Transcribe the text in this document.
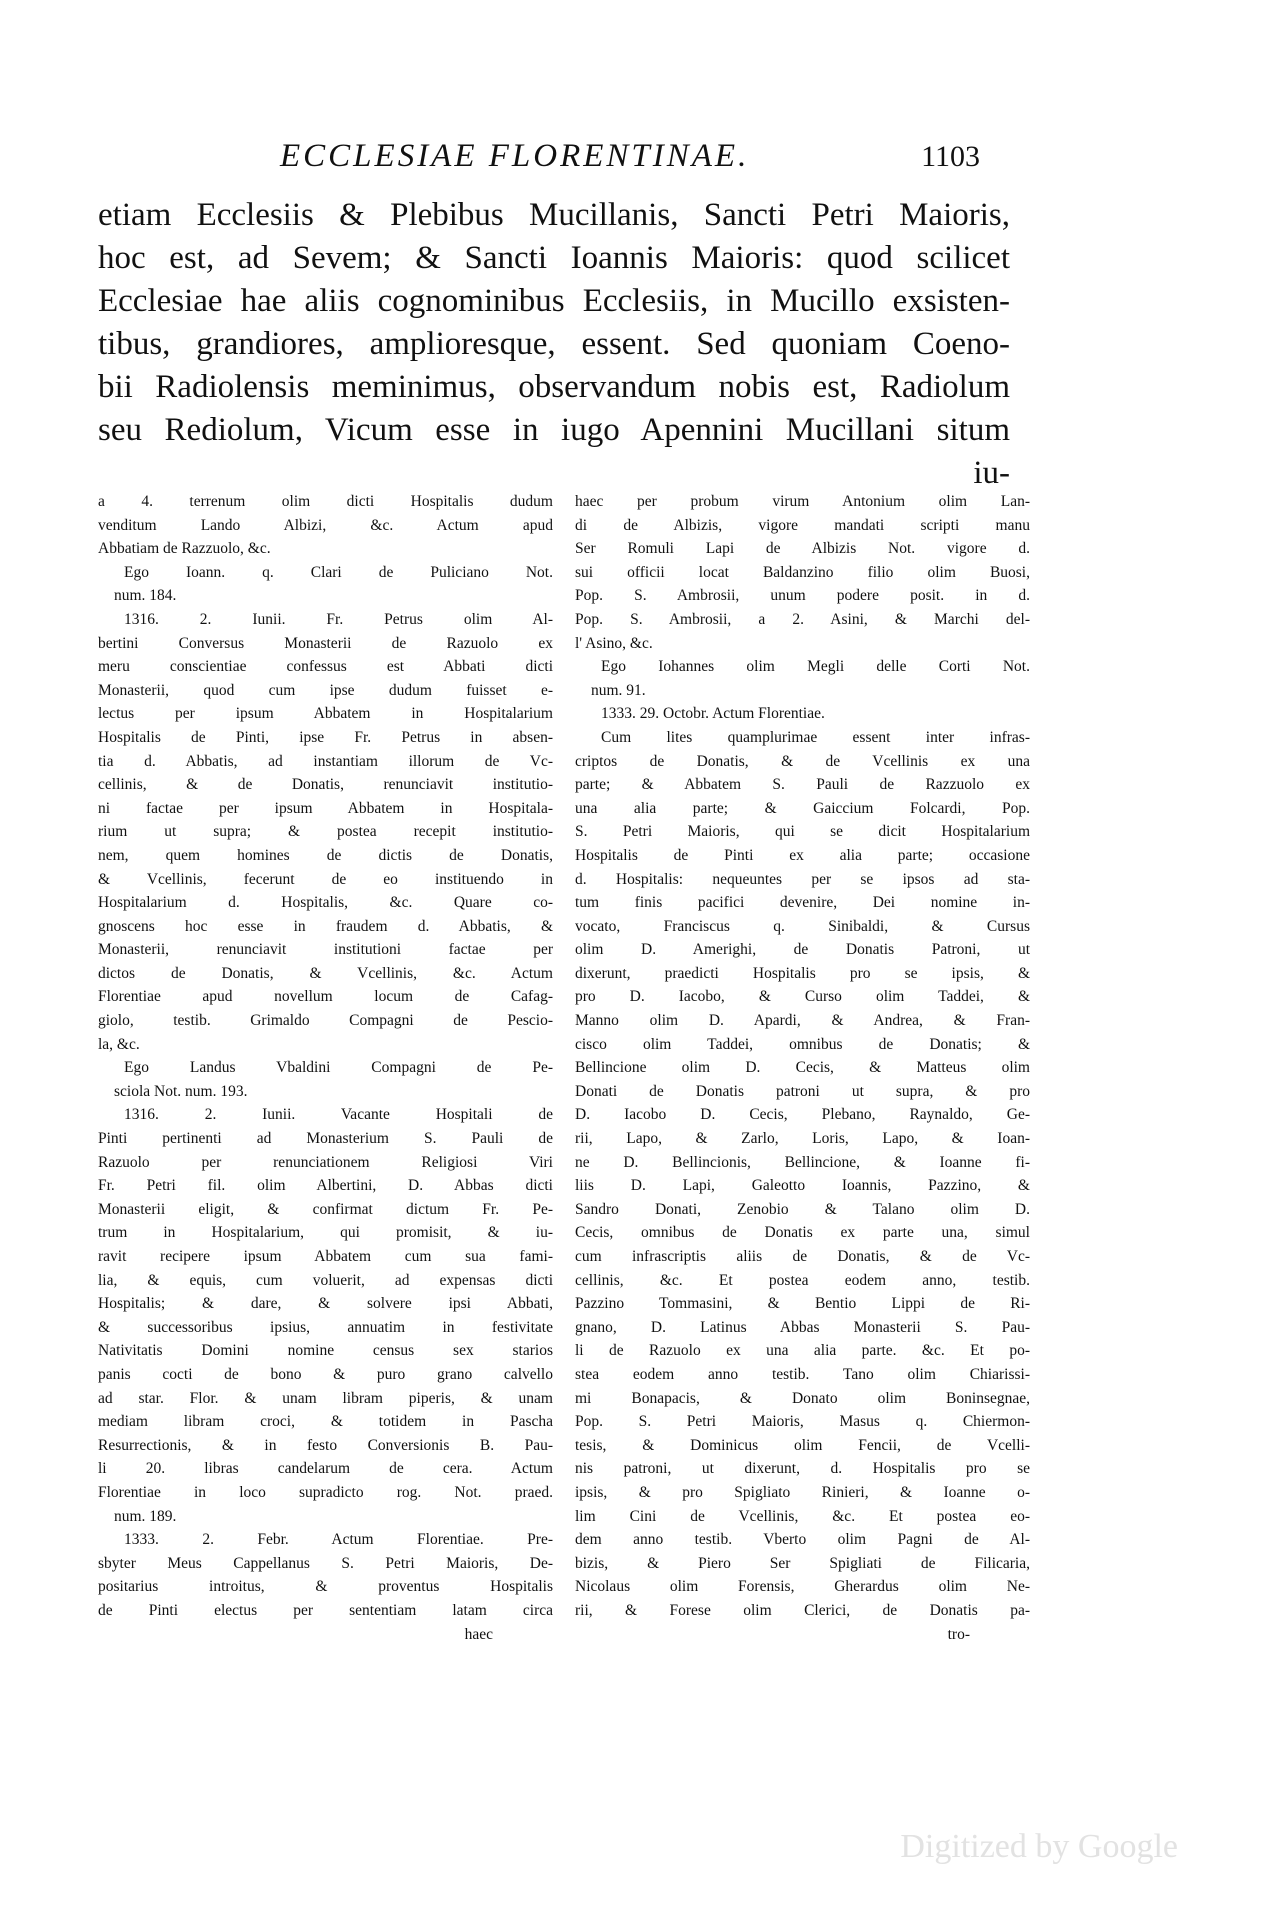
ECCLESIAE FLORENTINAE.	1103
etiam Ecclesiis & Plebibus Mucillanis, Sancti Petri Maioris,
hoc est, ad Sevem; & Sancti Ioannis Maioris: quod scilicet
Ecclesiae hae aliis cognominibus Ecclesiis, in Mucillo exsisten-
tibus, grandiores, amplioresque, essent. Sed quoniam Coeno-
bii Radiolensis meminimus, observandum nobis est, Radiolum
seu Rediolum, Vicum esse in iugo Apennini Mucillani situm
iu-
a 4. terrenum olim dicti Hospitalis dudum
venditum Lando Albizi, &c. Actum apud
Abbatiam de Razzuolo, &c.
Ego Ioann. q. Clari de Puliciano Not.
num. 184.
1316. 2. Iunii. Fr. Petrus olim Al-
bertini Conversus Monasterii de Razuolo ex
meru conscientiae confessus est Abbati dicti
Monasterii, quod cum ipse dudum fuisset e-
lectus per ipsum Abbatem in Hospitalarium
Hospitalis de Pinti, ipse Fr. Petrus in absen-
tia d. Abbatis, ad instantiam illorum de Vc-
cellinis, & de Donatis, renunciavit institutio-
ni factae per ipsum Abbatem in Hospitala-
rium ut supra; & postea recepit institutio-
nem, quem homines de dictis de Donatis,
& Vcellinis, fecerunt de eo instituendo in
Hospitalarium d. Hospitalis, &c. Quare co-
gnoscens hoc esse in fraudem d. Abbatis, &
Monasterii, renunciavit institutioni factae per
dictos de Donatis, & Vcellinis, &c. Actum
Florentiae apud novellum locum de Cafag-
giolo, testib. Grimaldo Compagni de Pescio-
la, &c.
Ego Landus Vbaldini Compagni de Pe-
sciola Not. num. 193.
1316. 2. Iunii. Vacante Hospitali de
Pinti pertinenti ad Monasterium S. Pauli de
Razuolo per renunciationem Religiosi Viri
Fr. Petri fil. olim Albertini, D. Abbas dicti
Monasterii eligit, & confirmat dictum Fr. Pe-
trum in Hospitalarium, qui promisit, & iu-
ravit recipere ipsum Abbatem cum sua fami-
lia, & equis, cum voluerit, ad expensas dicti
Hospitalis; & dare, & solvere ipsi Abbati,
& successoribus ipsius, annuatim in festivitate
Nativitatis Domini nomine census sex starios
panis cocti de bono & puro grano calvello
ad star. Flor. & unam libram piperis, & unam
mediam libram croci, & totidem in Pascha
Resurrectionis, & in festo Conversionis B. Pau-
li 20. libras candelarum de cera. Actum
Florentiae in loco supradicto rog. Not. praed.
num. 189.
1333. 2. Febr. Actum Florentiae. Pre-
sbyter Meus Cappellanus S. Petri Maioris, De-
positarius introitus, & proventus Hospitalis
de Pinti electus per sententiam latam circa
haec
haec per probum virum Antonium olim Lan-
di de Albizis, vigore mandati scripti manu
Ser Romuli Lapi de Albizis Not. vigore d.
sui officii locat Baldanzino filio olim Buosi,
Pop. S. Ambrosii, unum podere posit. in d.
Pop. S. Ambrosii, a 2. Asini, & Marchi del-
l' Asino, &c.
Ego Iohannes olim Megli delle Corti Not.
num. 91.
1333. 29. Octobr. Actum Florentiae.
Cum lites quamplurimae essent inter infras-
criptos de Donatis, & de Vcellinis ex una
parte; & Abbatem S. Pauli de Razzuolo ex
una alia parte; & Gaiccium Folcardi, Pop.
S. Petri Maioris, qui se dicit Hospitalarium
Hospitalis de Pinti ex alia parte; occasione
d. Hospitalis: nequeuntes per se ipsos ad sta-
tum finis pacifici devenire, Dei nomine in-
vocato, Franciscus q. Sinibaldi, & Cursus
olim D. Amerighi, de Donatis Patroni, ut
dixerunt, praedicti Hospitalis pro se ipsis, &
pro D. Iacobo, & Curso olim Taddei, &
Manno olim D. Apardi, & Andrea, & Fran-
cisco olim Taddei, omnibus de Donatis; &
Bellincione olim D. Cecis, & Matteus olim
Donati de Donatis patroni ut supra, & pro
D. Iacobo D. Cecis, Plebano, Raynaldo, Ge-
rii, Lapo, & Zarlo, Loris, Lapo, & Ioan-
ne D. Bellincionis, Bellincione, & Ioanne fi-
liis D. Lapi, Galeotto Ioannis, Pazzino, &
Sandro Donati, Zenobio & Talano olim D.
Cecis, omnibus de Donatis ex parte una, simul
cum infrascriptis aliis de Donatis, & de Vc-
cellinis, &c. Et postea eodem anno, testib.
Pazzino Tommasini, & Bentio Lippi de Ri-
gnano, D. Latinus Abbas Monasterii S. Pau-
li de Razuolo ex una alia parte. &c. Et po-
stea eodem anno testib. Tano olim Chiarissi-
mi Bonapacis, & Donato olim Boninsegnae,
Pop. S. Petri Maioris, Masus q. Chiermon-
tesis, & Dominicus olim Fencii, de Vcelli-
nis patroni, ut dixerunt, d. Hospitalis pro se
ipsis, & pro Spigliato Rinieri, & Ioanne o-
lim Cini de Vcellinis, &c. Et postea eo-
dem anno testib. Vberto olim Pagni de Al-
bizis, & Piero Ser Spigliati de Filicaria,
Nicolaus olim Forensis, Gherardus olim Ne-
rii, & Forese olim Clerici, de Donatis pa-
tro-
Digitized by Google
